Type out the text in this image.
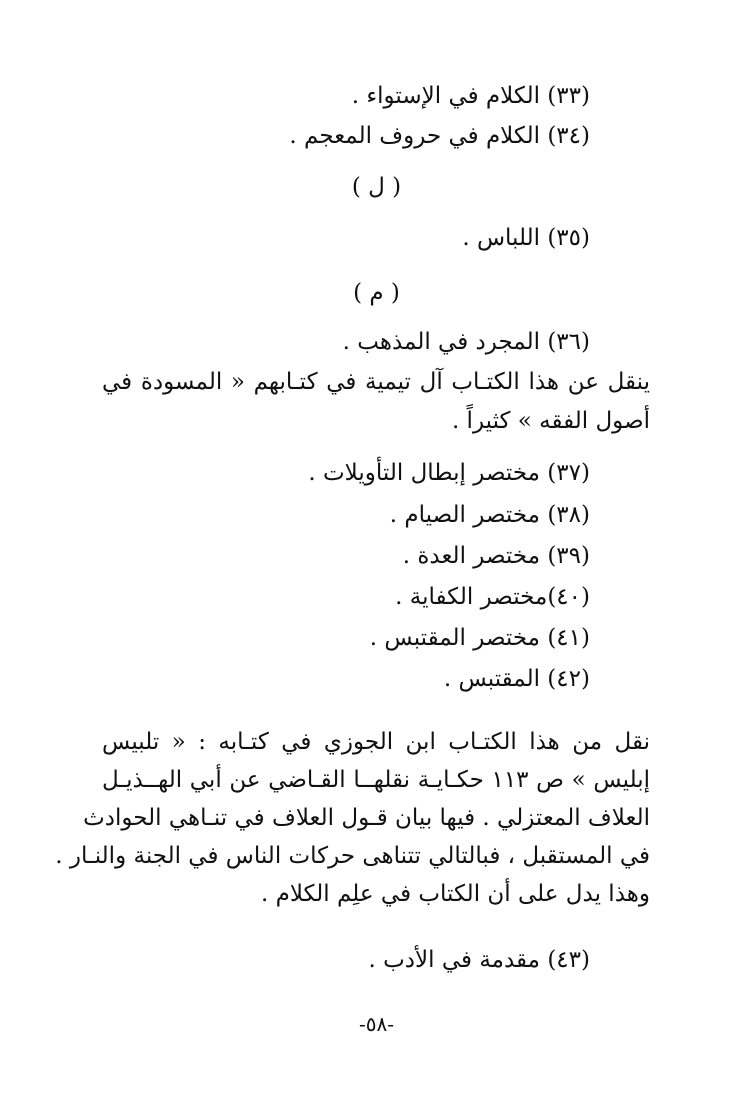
(٣٣) الكلام في الإستواء .
(٣٤) الكلام في حروف المعجم .
( ل )
(٣٥) اللباس .
( م )
(٣٦) المجرد في المذهب .
ينقل عن هذا الكتـاب آل تيمية في كتـابهم « المسودة في
أصول الفقه » كثيراً .
(٣٧) مختصر إبطال التأويلات .
(٣٨) مختصر الصيام .
(٣٩) مختصر العدة .
(٤٠)مختصر الكفاية .
(٤١) مختصر المقتبس .
(٤٢) المقتبس .
نقل من هذا الكتـاب ابن الجوزي في كتـابه : « تلبيس
إبليس » ص ١١٣ حكـايـة نقلهــا القـاضي عن أبي الهــذيـل
العلاف المعتزلي . فيها بيان قـول العلاف في تنـاهي الحوادث
في المستقبل ، فبالتالي تتناهى حركات الناس في الجنة والنـار .
وهذا يدل على أن الكتاب في علِم الكلام .
(٤٣) مقدمة في الأدب .
-٥٨-
